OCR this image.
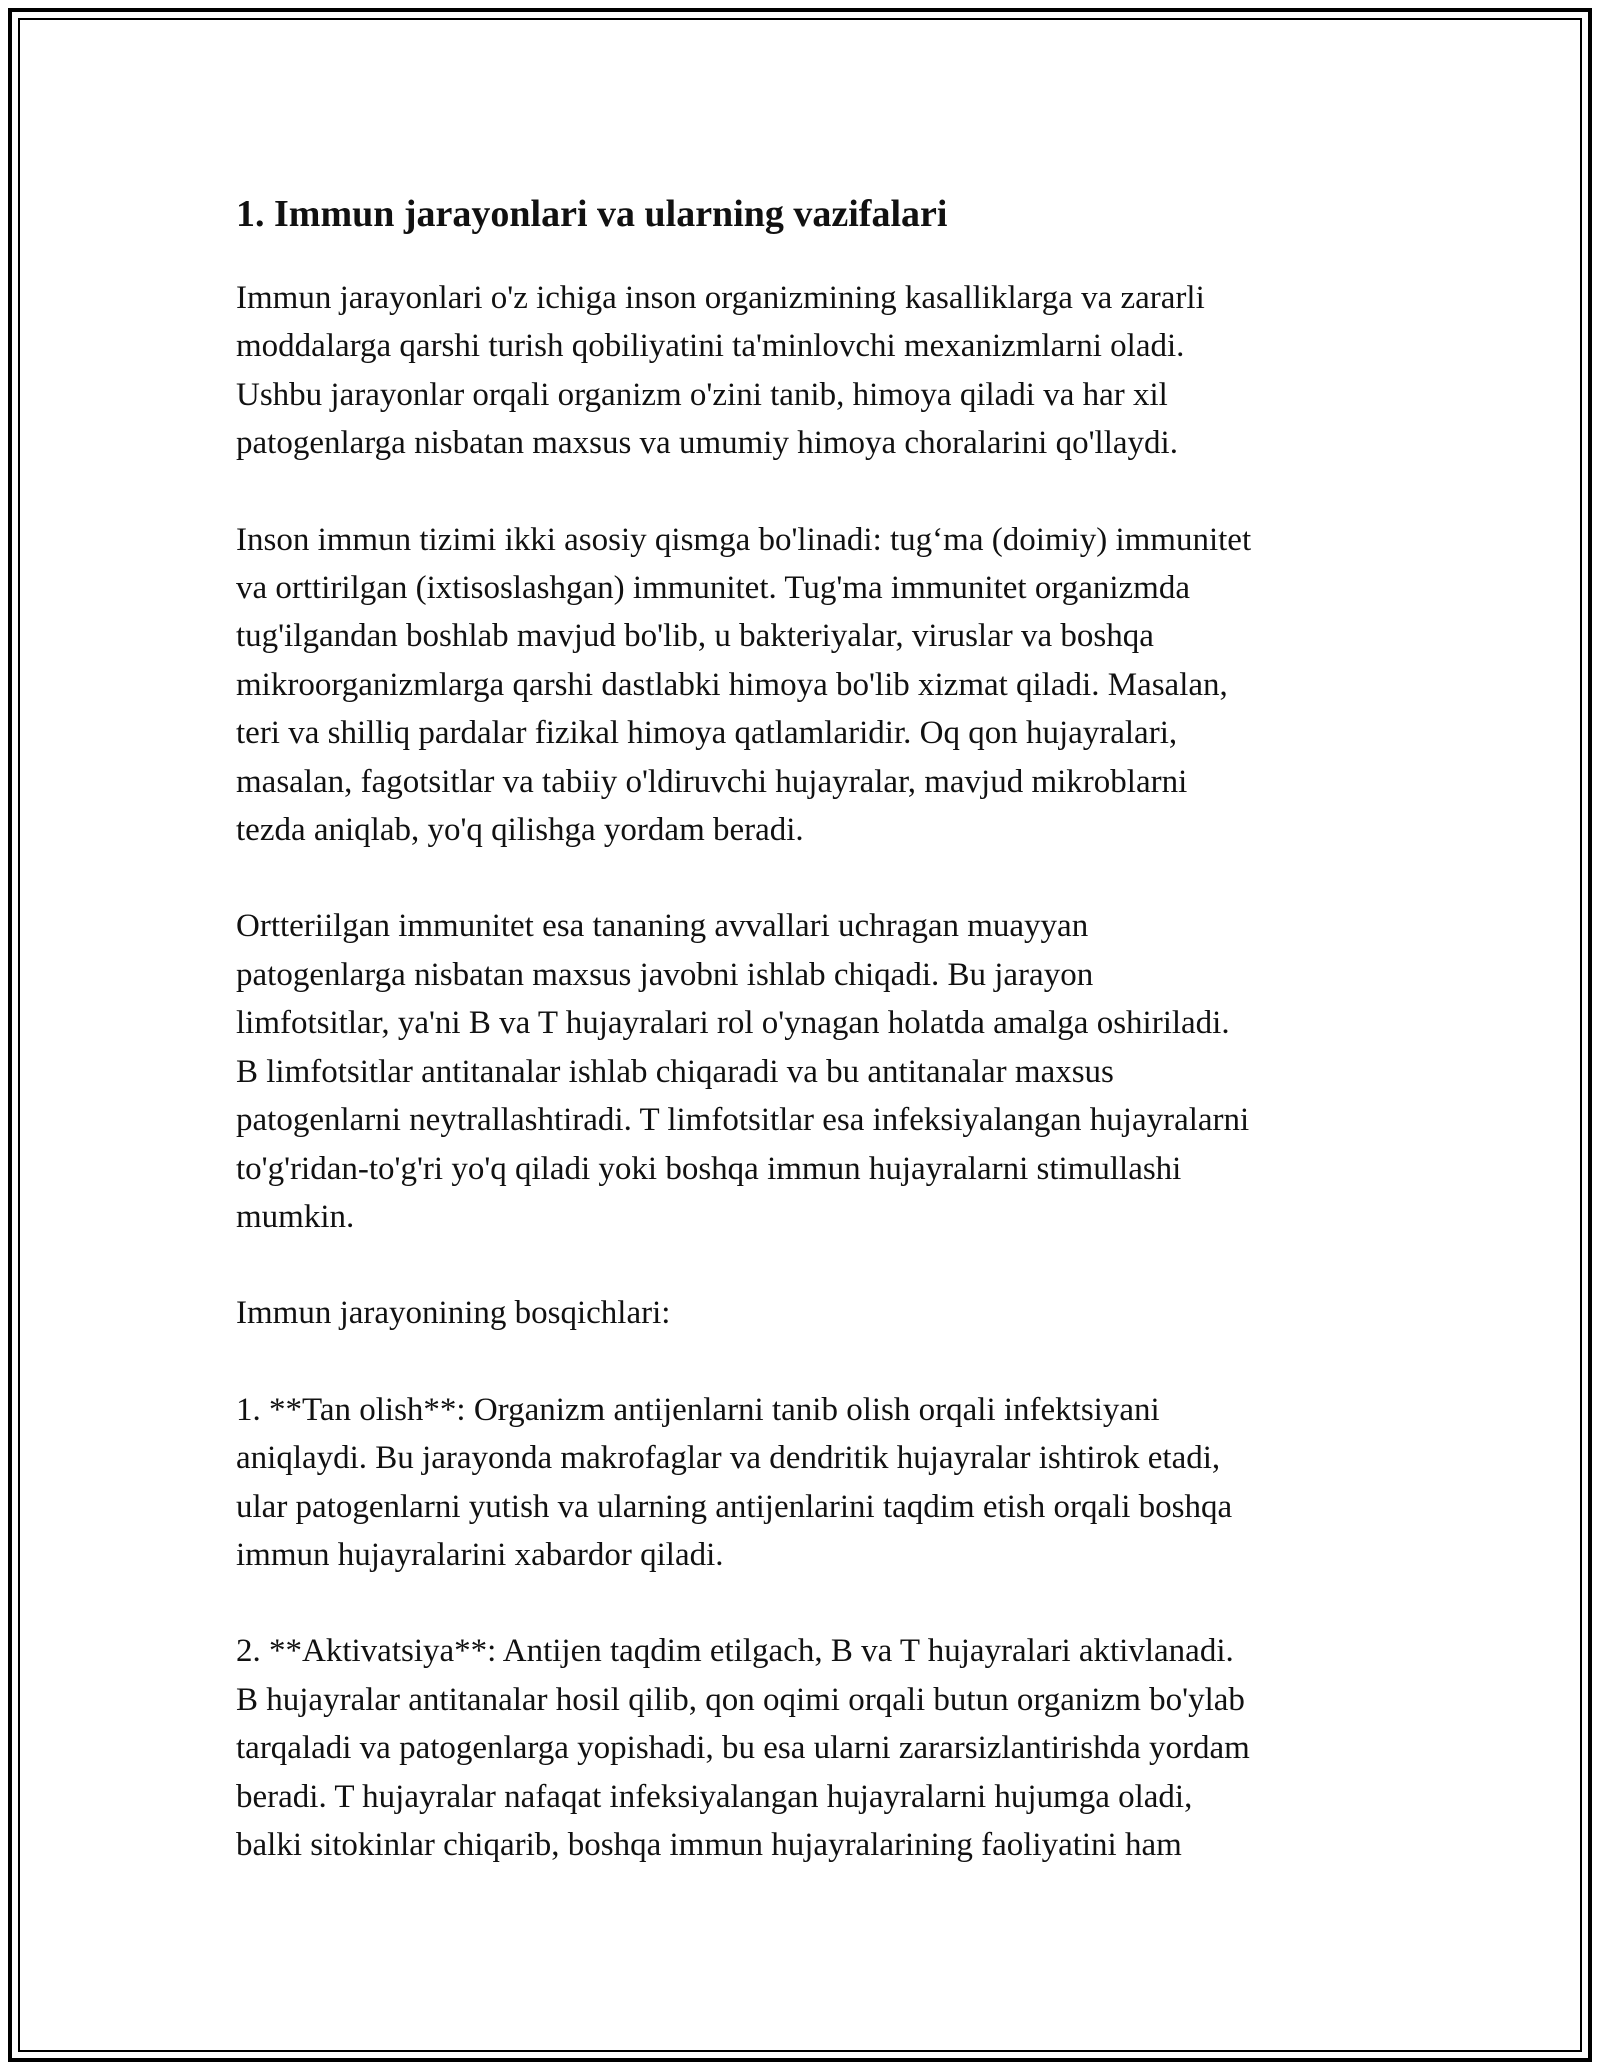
1. Immun jarayonlari va ularning vazifalari

Immun jarayonlari o'z ichiga inson organizmining kasalliklarga va zararli
moddalarga qarshi turish qobiliyatini ta'minlovchi mexanizmlarni oladi.
Ushbu jarayonlar orqali organizm o'zini tanib, himoya qiladi va har xil
patogenlarga nisbatan maxsus va umumiy himoya choralarini qo'llaydi.

Inson immun tizimi ikki asosiy qismga bo'linadi: tug‘ma (doimiy) immunitet
va orttirilgan (ixtisoslashgan) immunitet. Tug'ma immunitet organizmda
tug'ilgandan boshlab mavjud bo'lib, u bakteriyalar, viruslar va boshqa
mikroorganizmlarga qarshi dastlabki himoya bo'lib xizmat qiladi. Masalan,
teri va shilliq pardalar fizikal himoya qatlamlaridir. Oq qon hujayralari,
masalan, fagotsitlar va tabiiy o'ldiruvchi hujayralar, mavjud mikroblarni
tezda aniqlab, yo'q qilishga yordam beradi.

Ortteriilgan immunitet esa tananing avvallari uchragan muayyan
patogenlarga nisbatan maxsus javobni ishlab chiqadi. Bu jarayon
limfotsitlar, ya'ni B va T hujayralari rol o'ynagan holatda amalga oshiriladi.
B limfotsitlar antitanalar ishlab chiqaradi va bu antitanalar maxsus
patogenlarni neytrallashtiradi. T limfotsitlar esa infeksiyalangan hujayralarni
to'g'ridan-to'g'ri yo'q qiladi yoki boshqa immun hujayralarni stimullashi
mumkin.

Immun jarayonining bosqichlari:

1. **Tan olish**: Organizm antijenlarni tanib olish orqali infektsiyani
aniqlaydi. Bu jarayonda makrofaglar va dendritik hujayralar ishtirok etadi,
ular patogenlarni yutish va ularning antijenlarini taqdim etish orqali boshqa
immun hujayralarini xabardor qiladi.

2. **Aktivatsiya**: Antijen taqdim etilgach, B va T hujayralari aktivlanadi.
B hujayralar antitanalar hosil qilib, qon oqimi orqali butun organizm bo'ylab
tarqaladi va patogenlarga yopishadi, bu esa ularni zararsizlantirishda yordam
beradi. T hujayralar nafaqat infeksiyalangan hujayralarni hujumga oladi,
balki sitokinlar chiqarib, boshqa immun hujayralarining faoliyatini ham
